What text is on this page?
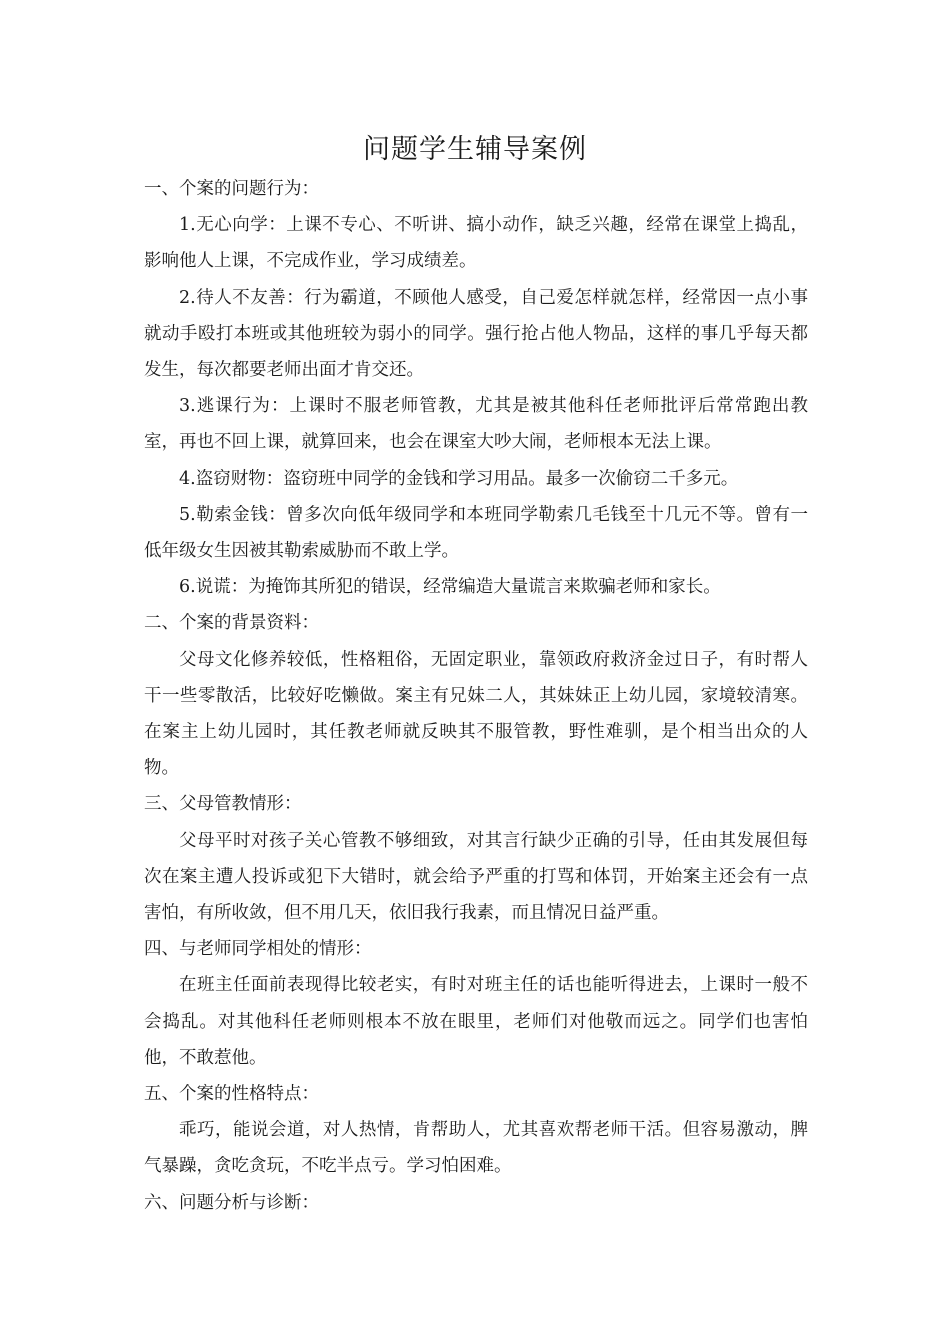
问题学生辅导案例

一、个案的问题行为：

1.无心向学：上课不专心、不听讲、搞小动作，缺乏兴趣，经常在课堂上捣乱，影响他人上课，不完成作业，学习成绩差。

2.待人不友善：行为霸道，不顾他人感受，自己爱怎样就怎样，经常因一点小事就动手殴打本班或其他班较为弱小的同学。强行抢占他人物品，这样的事几乎每天都发生，每次都要老师出面才肯交还。

3.逃课行为：上课时不服老师管教，尤其是被其他科任老师批评后常常跑出教室，再也不回上课，就算回来，也会在课室大吵大闹，老师根本无法上课。

4.盗窃财物：盗窃班中同学的金钱和学习用品。最多一次偷窃二千多元。

5.勒索金钱：曾多次向低年级同学和本班同学勒索几毛钱至十几元不等。曾有一低年级女生因被其勒索威胁而不敢上学。

6.说谎：为掩饰其所犯的错误，经常编造大量谎言来欺骗老师和家长。

二、个案的背景资料：

父母文化修养较低，性格粗俗，无固定职业，靠领政府救济金过日子，有时帮人干一些零散活，比较好吃懒做。案主有兄妹二人，其妹妹正上幼儿园，家境较清寒。在案主上幼儿园时，其任教老师就反映其不服管教，野性难驯，是个相当出众的人物。

三、父母管教情形：

父母平时对孩子关心管教不够细致，对其言行缺少正确的引导，任由其发展但每次在案主遭人投诉或犯下大错时，就会给予严重的打骂和体罚，开始案主还会有一点害怕，有所收敛，但不用几天，依旧我行我素，而且情况日益严重。

四、与老师同学相处的情形：

在班主任面前表现得比较老实，有时对班主任的话也能听得进去，上课时一般不会捣乱。对其他科任老师则根本不放在眼里，老师们对他敬而远之。同学们也害怕他，不敢惹他。

五、个案的性格特点：

乖巧，能说会道，对人热情，肯帮助人，尤其喜欢帮老师干活。但容易激动，脾气暴躁，贪吃贪玩，不吃半点亏。学习怕困难。

六、问题分析与诊断：
